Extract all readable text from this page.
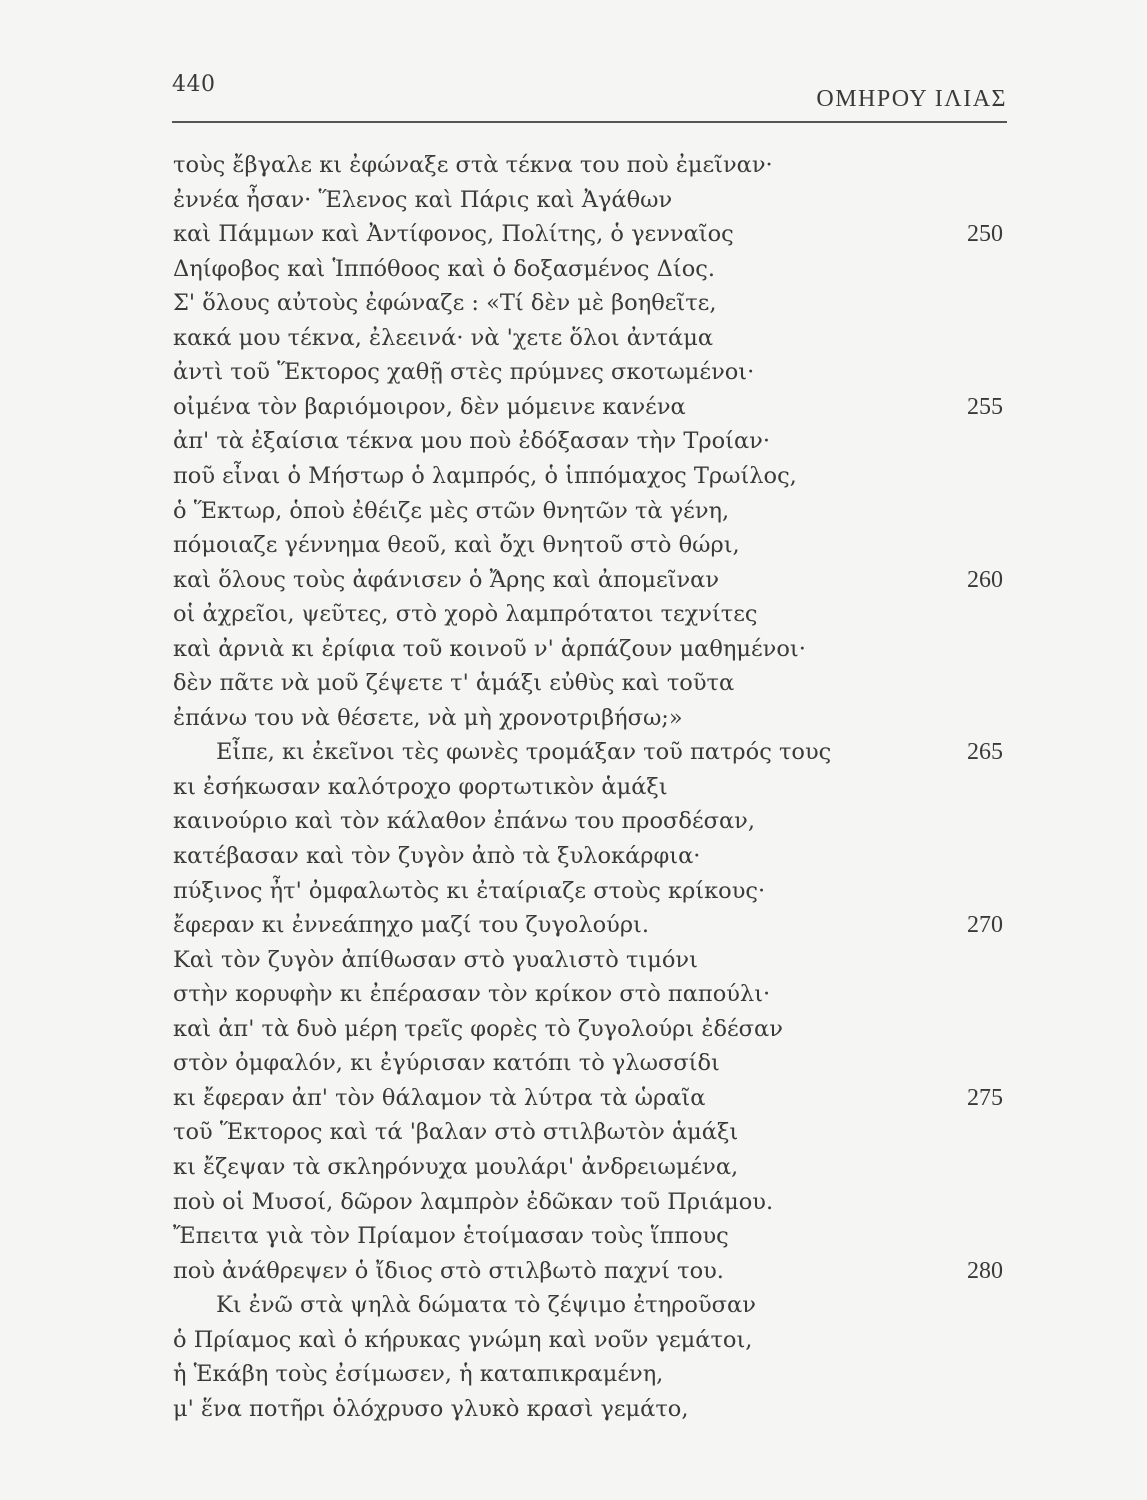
440
ΟΜΗΡΟΥ ΙΛΙΑΣ
τοὺς ἔβγαλε κι ἐφώναξε στὰ τέκνα του ποὺ ἐμεῖναν·
ἐννέα ἦσαν· Ἕλενος καὶ Πάρις καὶ Ἀγάθων
καὶ Πάμμων καὶ Ἀντίφονος, Πολίτης, ὁ γενναῖος	250
Δηίφοβος καὶ Ἱππόθοος καὶ ὁ δοξασμένος Δίος.
Σ' ὅλους αὐτοὺς ἐφώναζε : «Τί δὲν μὲ βοηθεῖτε,
κακά μου τέκνα, ἐλεεινά· νὰ 'χετε ὅλοι ἀντάμα
ἀντὶ τοῦ Ἕκτορος χαθῇ στὲς πρύμνες σκοτωμένοι·
οἰμένα τὸν βαριόμοιρον, δὲν μόμεινε κανένα	255
ἀπ' τὰ ἐξαίσια τέκνα μου ποὺ ἐδόξασαν τὴν Τροίαν·
ποῦ εἶναι ὁ Μήστωρ ὁ λαμπρός, ὁ ἱππόμαχος Τρωίλος,
ὁ Ἕκτωρ, ὁποὺ ἐθέιζε μὲς στῶν θνητῶν τὰ γένη,
πόμοιαζε γέννημα θεοῦ, καὶ ὄχι θνητοῦ στὸ θώρι,
καὶ ὅλους τοὺς ἀφάνισεν ὁ Ἄρης καὶ ἀπομεῖναν	260
οἱ ἀχρεῖοι, ψεῦτες, στὸ χορὸ λαμπρότατοι τεχνίτες
καὶ ἀρνιὰ κι ἐρίφια τοῦ κοινοῦ ν' ἁρπάζουν μαθημένοι·
δὲν πᾶτε νὰ μοῦ ζέψετε τ' ἁμάξι εὐθὺς καὶ τοῦτα
ἐπάνω του νὰ θέσετε, νὰ μὴ χρονοτριβήσω;»
Εἶπε, κι ἐκεῖνοι τὲς φωνὲς τρομάξαν τοῦ πατρός τους	265
κι ἐσήκωσαν καλότροχο φορτωτικὸν ἁμάξι
καινούριο καὶ τὸν κάλαθον ἐπάνω του προσδέσαν,
κατέβασαν καὶ τὸν ζυγὸν ἀπὸ τὰ ξυλοκάρφια·
πύξινος ἦτ' ὀμφαλωτὸς κι ἐταίριαζε στοὺς κρίκους·
ἔφεραν κι ἐννεάπηχο μαζί του ζυγολούρι.	270
Καὶ τὸν ζυγὸν ἀπίθωσαν στὸ γυαλιστὸ τιμόνι
στὴν κορυφὴν κι ἐπέρασαν τὸν κρίκον στὸ παπούλι·
καὶ ἀπ' τὰ δυὸ μέρη τρεῖς φορὲς τὸ ζυγολούρι ἐδέσαν
στὸν ὀμφαλόν, κι ἐγύρισαν κατόπι τὸ γλωσσίδι
κι ἔφεραν ἀπ' τὸν θάλαμον τὰ λύτρα τὰ ὡραῖα	275
τοῦ Ἕκτορος καὶ τά 'βαλαν στὸ στιλβωτὸν ἁμάξι
κι ἔζεψαν τὰ σκληρόνυχα μουλάρι' ἀνδρειωμένα,
ποὺ οἱ Μυσοί, δῶρον λαμπρὸν ἐδῶκαν τοῦ Πριάμου.
Ἔπειτα γιὰ τὸν Πρίαμον ἑτοίμασαν τοὺς ἵππους
ποὺ ἀνάθρεψεν ὁ ἴδιος στὸ στιλβωτὸ παχνί του.	280
Κι ἐνῶ στὰ ψηλὰ δώματα τὸ ζέψιμο ἐτηροῦσαν
ὁ Πρίαμος καὶ ὁ κήρυκας γνώμη καὶ νοῦν γεμάτοι,
ἡ Ἑκάβη τοὺς ἐσίμωσεν, ἡ καταπικραμένη,
μ' ἕνα ποτῆρι ὁλόχρυσο γλυκὸ κρασὶ γεμάτο,
